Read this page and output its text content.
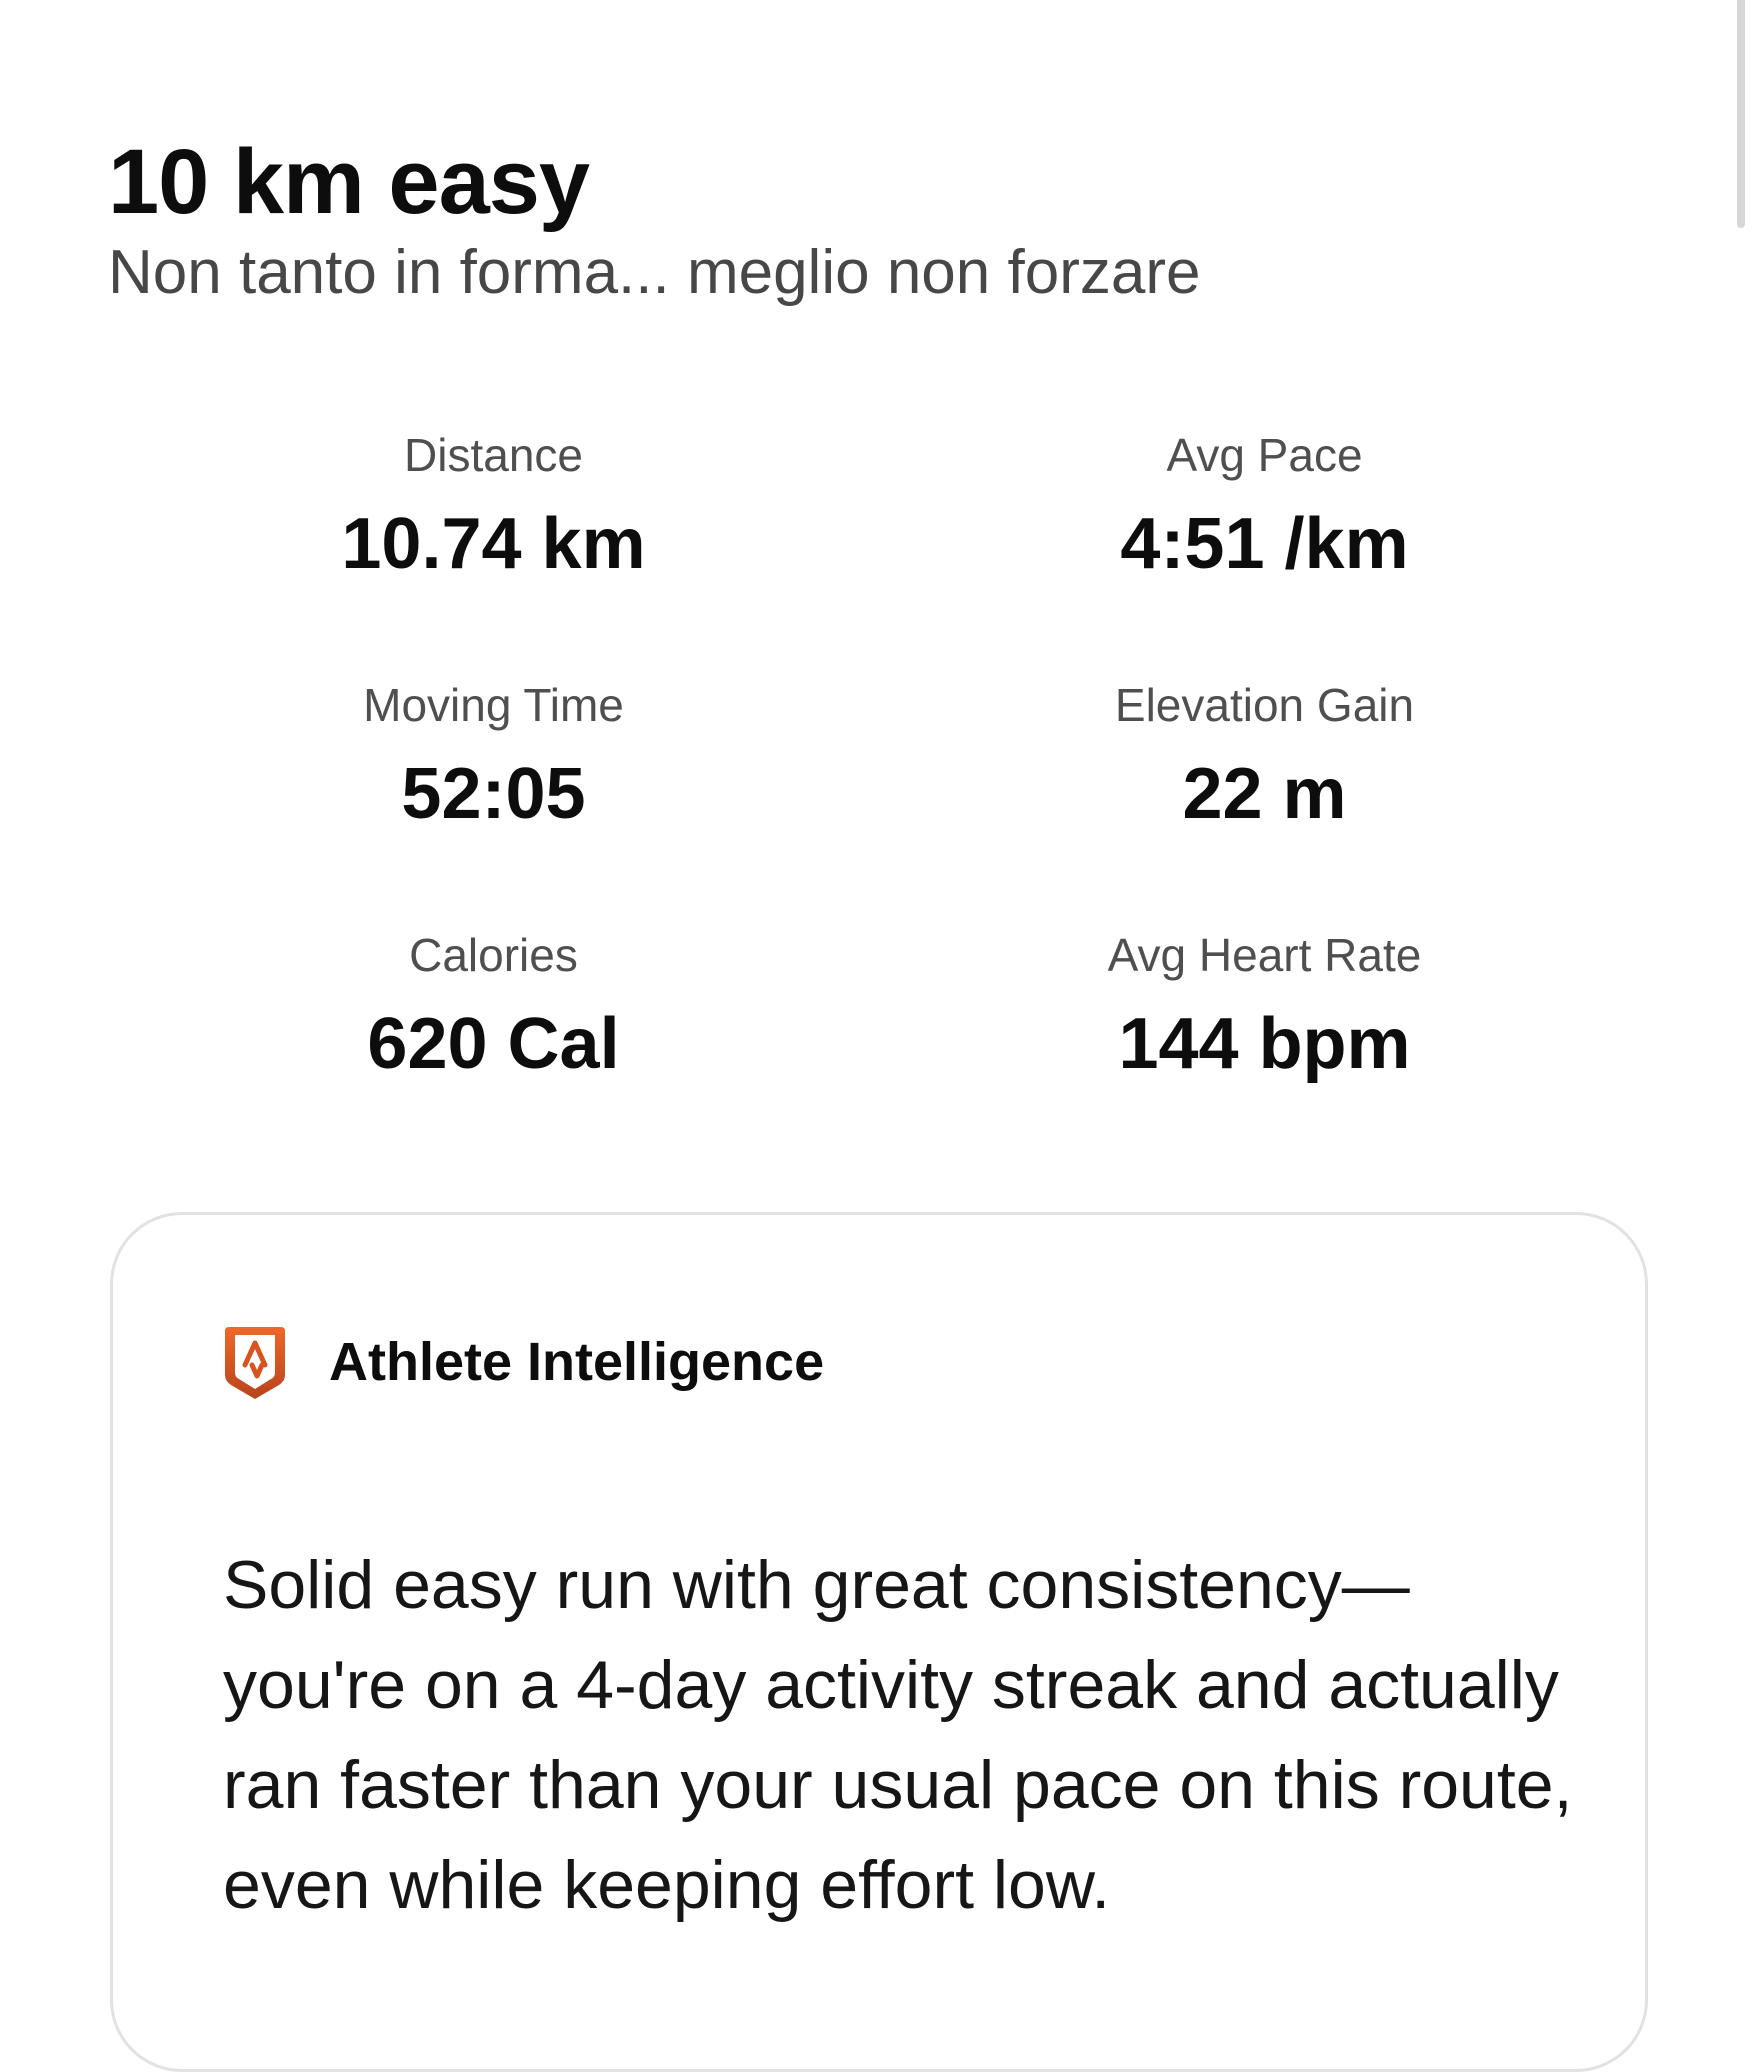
10 km easy
Non tanto in forma... meglio non forzare
Distance
10.74 km
Avg Pace
4:51 /km
Moving Time
52:05
Elevation Gain
22 m
Calories
620 Cal
Avg Heart Rate
144 bpm
Athlete Intelligence

Solid easy run with great consistency—you're on a 4-day activity streak and actually ran faster than your usual pace on this route, even while keeping effort low.
